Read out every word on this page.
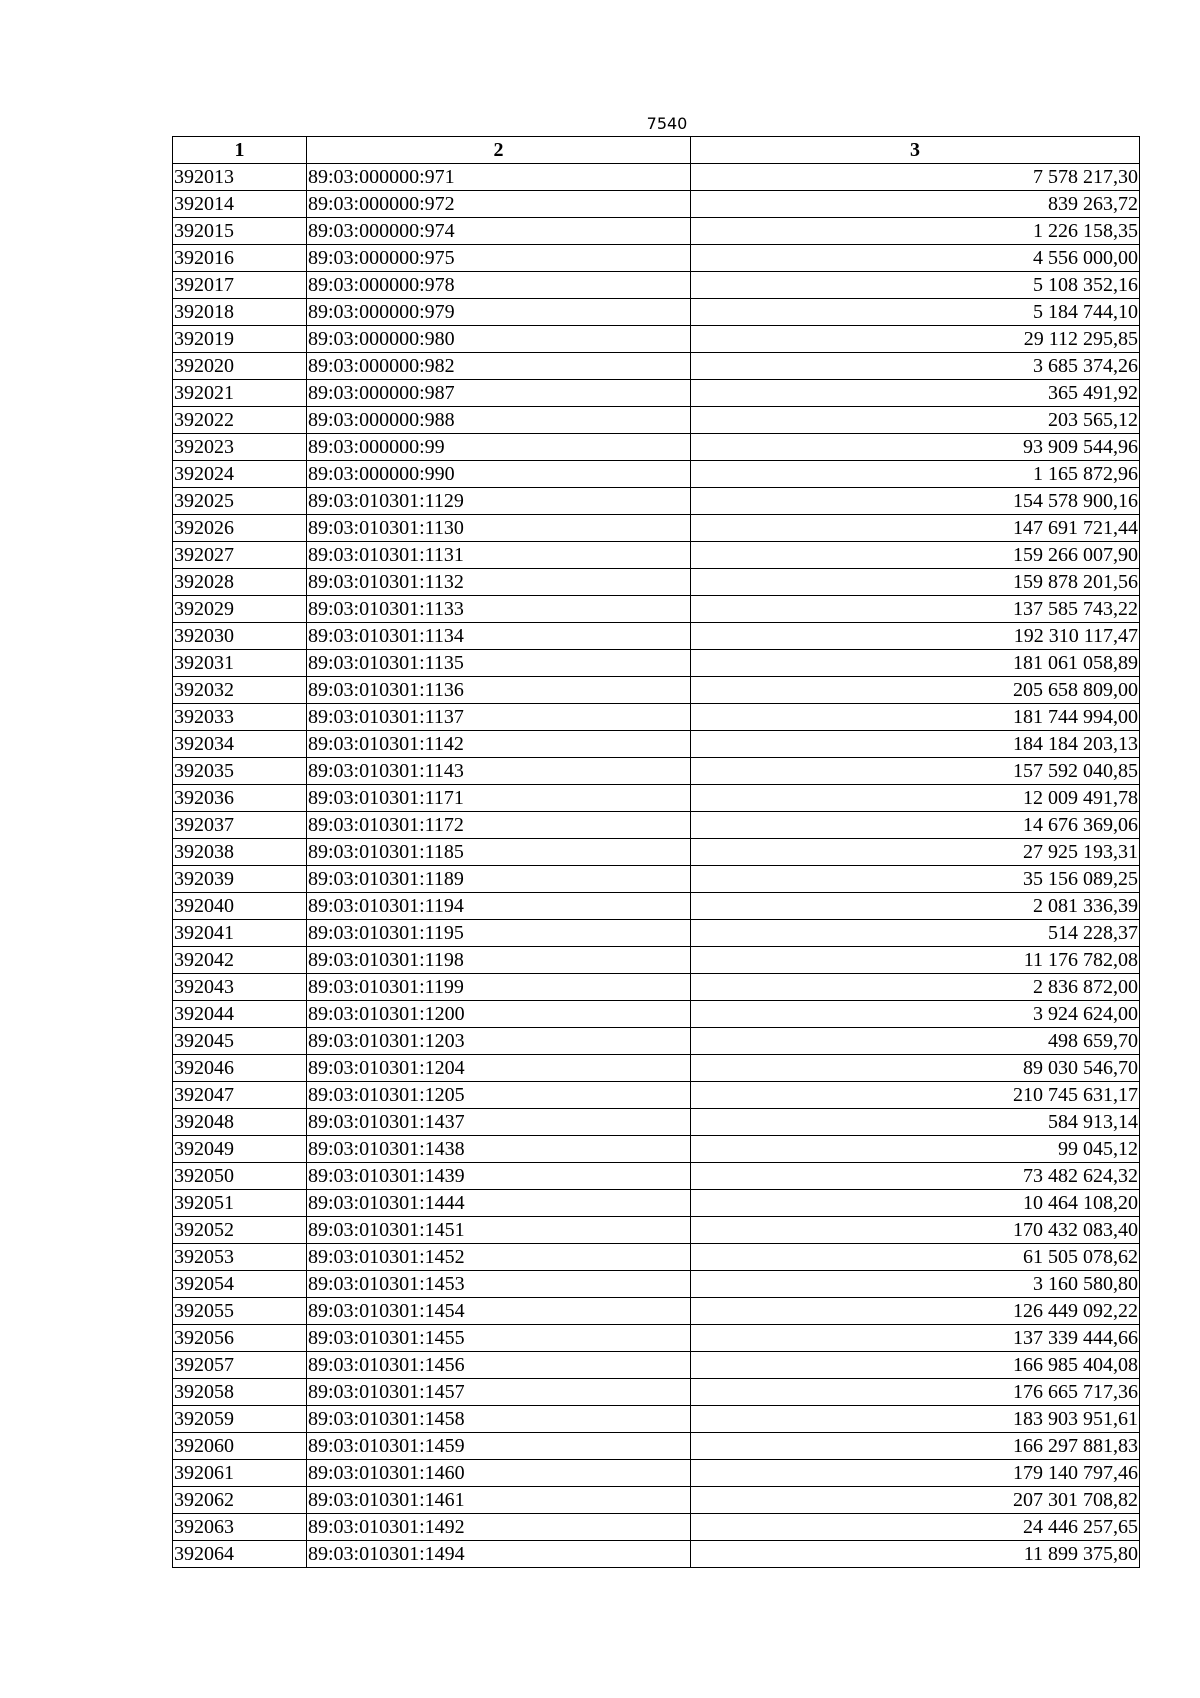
7540
1	2	3
392013	89:03:000000:971	7 578 217,30
392014	89:03:000000:972	839 263,72
392015	89:03:000000:974	1 226 158,35
392016	89:03:000000:975	4 556 000,00
392017	89:03:000000:978	5 108 352,16
392018	89:03:000000:979	5 184 744,10
392019	89:03:000000:980	29 112 295,85
392020	89:03:000000:982	3 685 374,26
392021	89:03:000000:987	365 491,92
392022	89:03:000000:988	203 565,12
392023	89:03:000000:99	93 909 544,96
392024	89:03:000000:990	1 165 872,96
392025	89:03:010301:1129	154 578 900,16
392026	89:03:010301:1130	147 691 721,44
392027	89:03:010301:1131	159 266 007,90
392028	89:03:010301:1132	159 878 201,56
392029	89:03:010301:1133	137 585 743,22
392030	89:03:010301:1134	192 310 117,47
392031	89:03:010301:1135	181 061 058,89
392032	89:03:010301:1136	205 658 809,00
392033	89:03:010301:1137	181 744 994,00
392034	89:03:010301:1142	184 184 203,13
392035	89:03:010301:1143	157 592 040,85
392036	89:03:010301:1171	12 009 491,78
392037	89:03:010301:1172	14 676 369,06
392038	89:03:010301:1185	27 925 193,31
392039	89:03:010301:1189	35 156 089,25
392040	89:03:010301:1194	2 081 336,39
392041	89:03:010301:1195	514 228,37
392042	89:03:010301:1198	11 176 782,08
392043	89:03:010301:1199	2 836 872,00
392044	89:03:010301:1200	3 924 624,00
392045	89:03:010301:1203	498 659,70
392046	89:03:010301:1204	89 030 546,70
392047	89:03:010301:1205	210 745 631,17
392048	89:03:010301:1437	584 913,14
392049	89:03:010301:1438	99 045,12
392050	89:03:010301:1439	73 482 624,32
392051	89:03:010301:1444	10 464 108,20
392052	89:03:010301:1451	170 432 083,40
392053	89:03:010301:1452	61 505 078,62
392054	89:03:010301:1453	3 160 580,80
392055	89:03:010301:1454	126 449 092,22
392056	89:03:010301:1455	137 339 444,66
392057	89:03:010301:1456	166 985 404,08
392058	89:03:010301:1457	176 665 717,36
392059	89:03:010301:1458	183 903 951,61
392060	89:03:010301:1459	166 297 881,83
392061	89:03:010301:1460	179 140 797,46
392062	89:03:010301:1461	207 301 708,82
392063	89:03:010301:1492	24 446 257,65
392064	89:03:010301:1494	11 899 375,80
